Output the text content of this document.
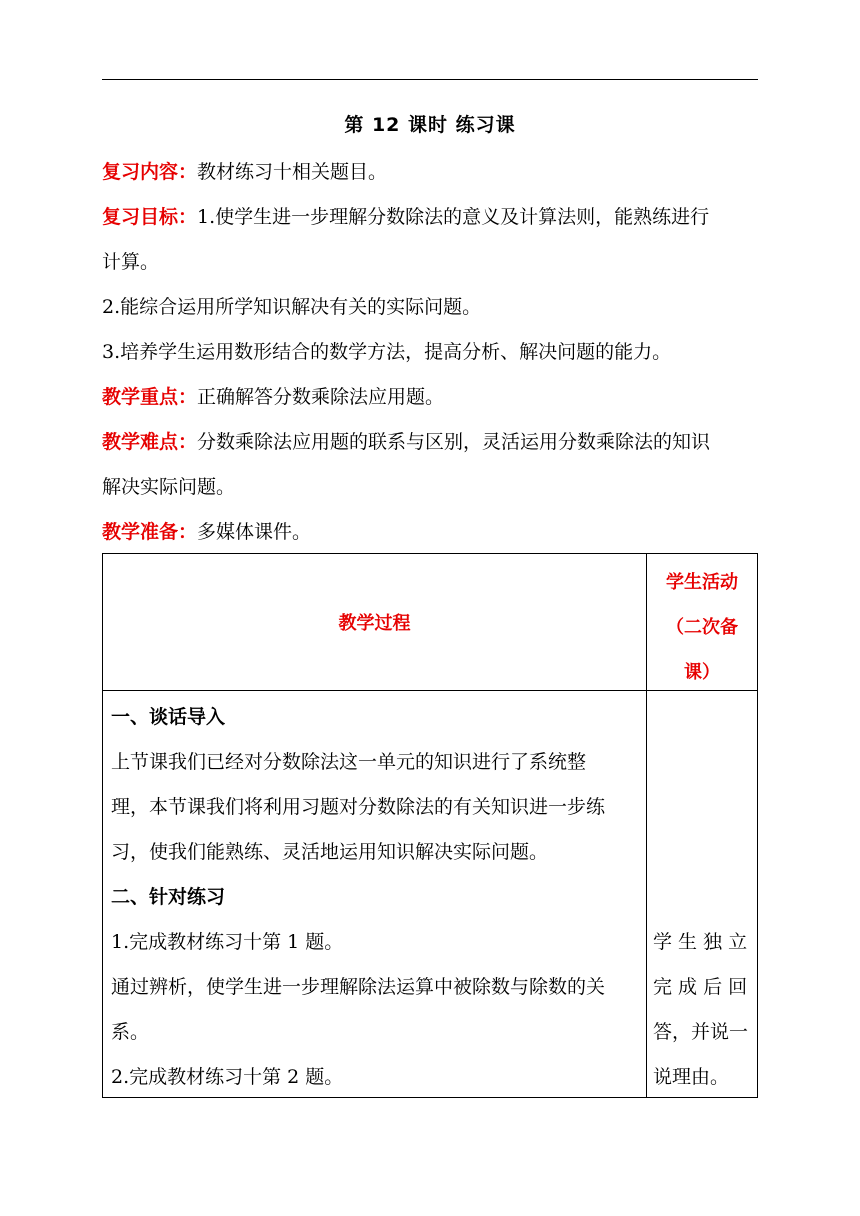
第 12 课时 练习课
复习内容：教材练习十相关题目。
复习目标：1.使学生进一步理解分数除法的意义及计算法则，能熟练进行
计算。
2.能综合运用所学知识解决有关的实际问题。
3.培养学生运用数形结合的数学方法，提高分析、解决问题的能力。
教学重点：正确解答分数乘除法应用题。
教学难点：分数乘除法应用题的联系与区别，灵活运用分数乘除法的知识
解决实际问题。
教学准备：多媒体课件。
教学过程
学生活动
（二次备
课）
一、谈话导入
上节课我们已经对分数除法这一单元的知识进行了系统整
理，本节课我们将利用习题对分数除法的有关知识进一步练
习，使我们能熟练、灵活地运用知识解决实际问题。
二、针对练习
1.完成教材练习十第 1 题。
通过辨析，使学生进一步理解除法运算中被除数与除数的关
系。
2.完成教材练习十第 2 题。
学 生 独 立
完 成 后 回
答，并说一
说理由。
